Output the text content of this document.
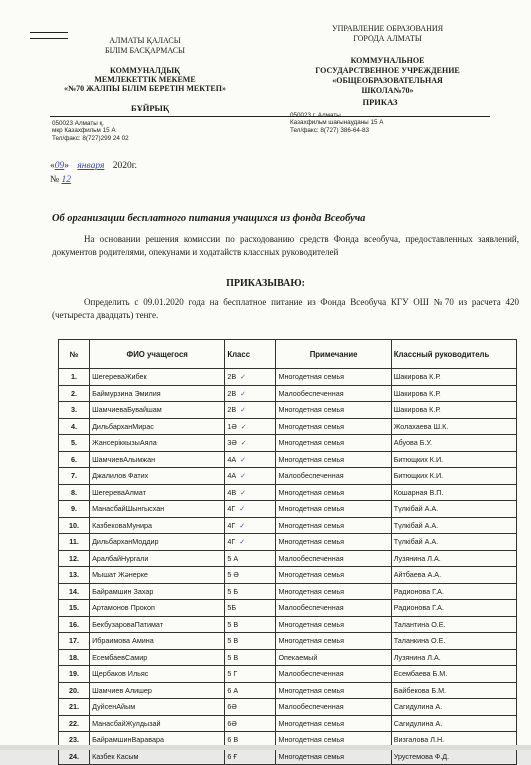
АЛМАТЫ ҚАЛАСЫ
БІЛІМ БАСҚАРМАСЫ
КОММУНАЛДЫҚ
МЕМЛЕКЕТТІК МЕКЕМЕ
«№70 ЖАЛПЫ БІЛІМ БЕРЕТІН МЕКТЕП»
БҰЙРЫҚ
050023 Алматы қ.
мкр Казахфильм 15 А
Тел/факс: 8(727)299 24 02
УПРАВЛЕНИЕ ОБРАЗОВАНИЯ
ГОРОДА АЛМАТЫ
КОММУНАЛЬНОЕ
ГОСУДАРСТВЕННОЕ УЧРЕЖДЕНИЕ
«ОБЩЕОБРАЗОВАТЕЛЬНАЯ
ШКОЛА№70»
ПРИКАЗ
050023 г. Алматы
Казахфильм шағынауданы 15 А
Тел/факс: 8(727) 386-64-83
«09» января 2020г.
№ 12
Об организации бесплатного питания учащихся из фонда Всеобуча
На основании решения комиссии по расходованию средств Фонда всеобуча, предоставленных заявлений, документов родителями, опекунами и ходатайств классных руководителей
ПРИКАЗЫВАЮ:
Определить с 09.01.2020 года на бесплатное питание из Фонда Всеобуча КГУ ОШ №70 из расчета 420 (четыреста двадцать) тенге.
№	ФИО учащегося	Класс	Примечание	Классный руководитель
1.	ШегереваЖибек	2В ✓	Многодетная семья	Шакирова К.Р.
2.	Баймурзина Эмилия	2В ✓	Малообеспеченная	Шакирова К.Р.
3.	ШамчиеваБувайшам	2В ✓	Многодетная семья	Шакирова К.Р.
4.	ДильбарханМирас	1Ә ✓	Многодетная семья	Жолахаева Ш.К.
5.	ЖансеріккызыАяла	3Ә ✓	Многодетная семья	Абуова Б.У.
6.	ШамчиевАлымжан	4А ✓	Многодетная семья	Битющких К.И.
7.	Джалилов Фатих	4А ✓	Малообеспеченная	Битющких К.И.
8.	ШегереваАлмат	4В ✓	Многодетная семья	Кошарная В.П.
9.	МанасбайШынгысхан	4Г ✓	Многодетная семья	Түлкібай А.А.
10.	КазбековаМунира	4Г ✓	Многодетная семья	Түлкібай А.А.
11.	ДильбарханМоддир	4Г ✓	Многодетная семья	Түлкібай А.А.
12.	АралбайНургали	5 А	Малообеспеченная	Лузянина Л.А.
13.	Мышат Жәнерке	5 Ә	Многодетная семья	Айтбаева А.А.
14.	Байрамшин Захар	5 Б	Многодетная семья	Радионова Г.А.
15.	Артамонов Прокоп	5Б	Малообеспеченная	Радионова Г.А.
16.	БекбузароваПатимат	5 В	Многодетная семья	Талантина О.Е.
17.	Ибраимова Амина	5 В	Многодетная семья	Таланкина О.Е.
18.	ЕсембаевСамир	5 В	Опекаемый	Лузянина Л.А.
19.	Щербаков Ильяс	5 Г	Малообеспеченная	Есембаева Б.М.
20.	Шамчиев Алишер	6 А	Многодетная семья	Байбекова Б.М.
21.	ДуйсенАйым	6Ә	Малообеспеченная	Сагидулина А.
22.	МанасбайЖулдызай	6Ә	Многодетная семья	Сагидулина А.
23.	БайрамшинВаравара	6 В	Многодетная семья	Визгалова Л.Н.
24.	Казбек Касым	6 Ғ	Многодетная семья	Урустемова Ф.Д.
